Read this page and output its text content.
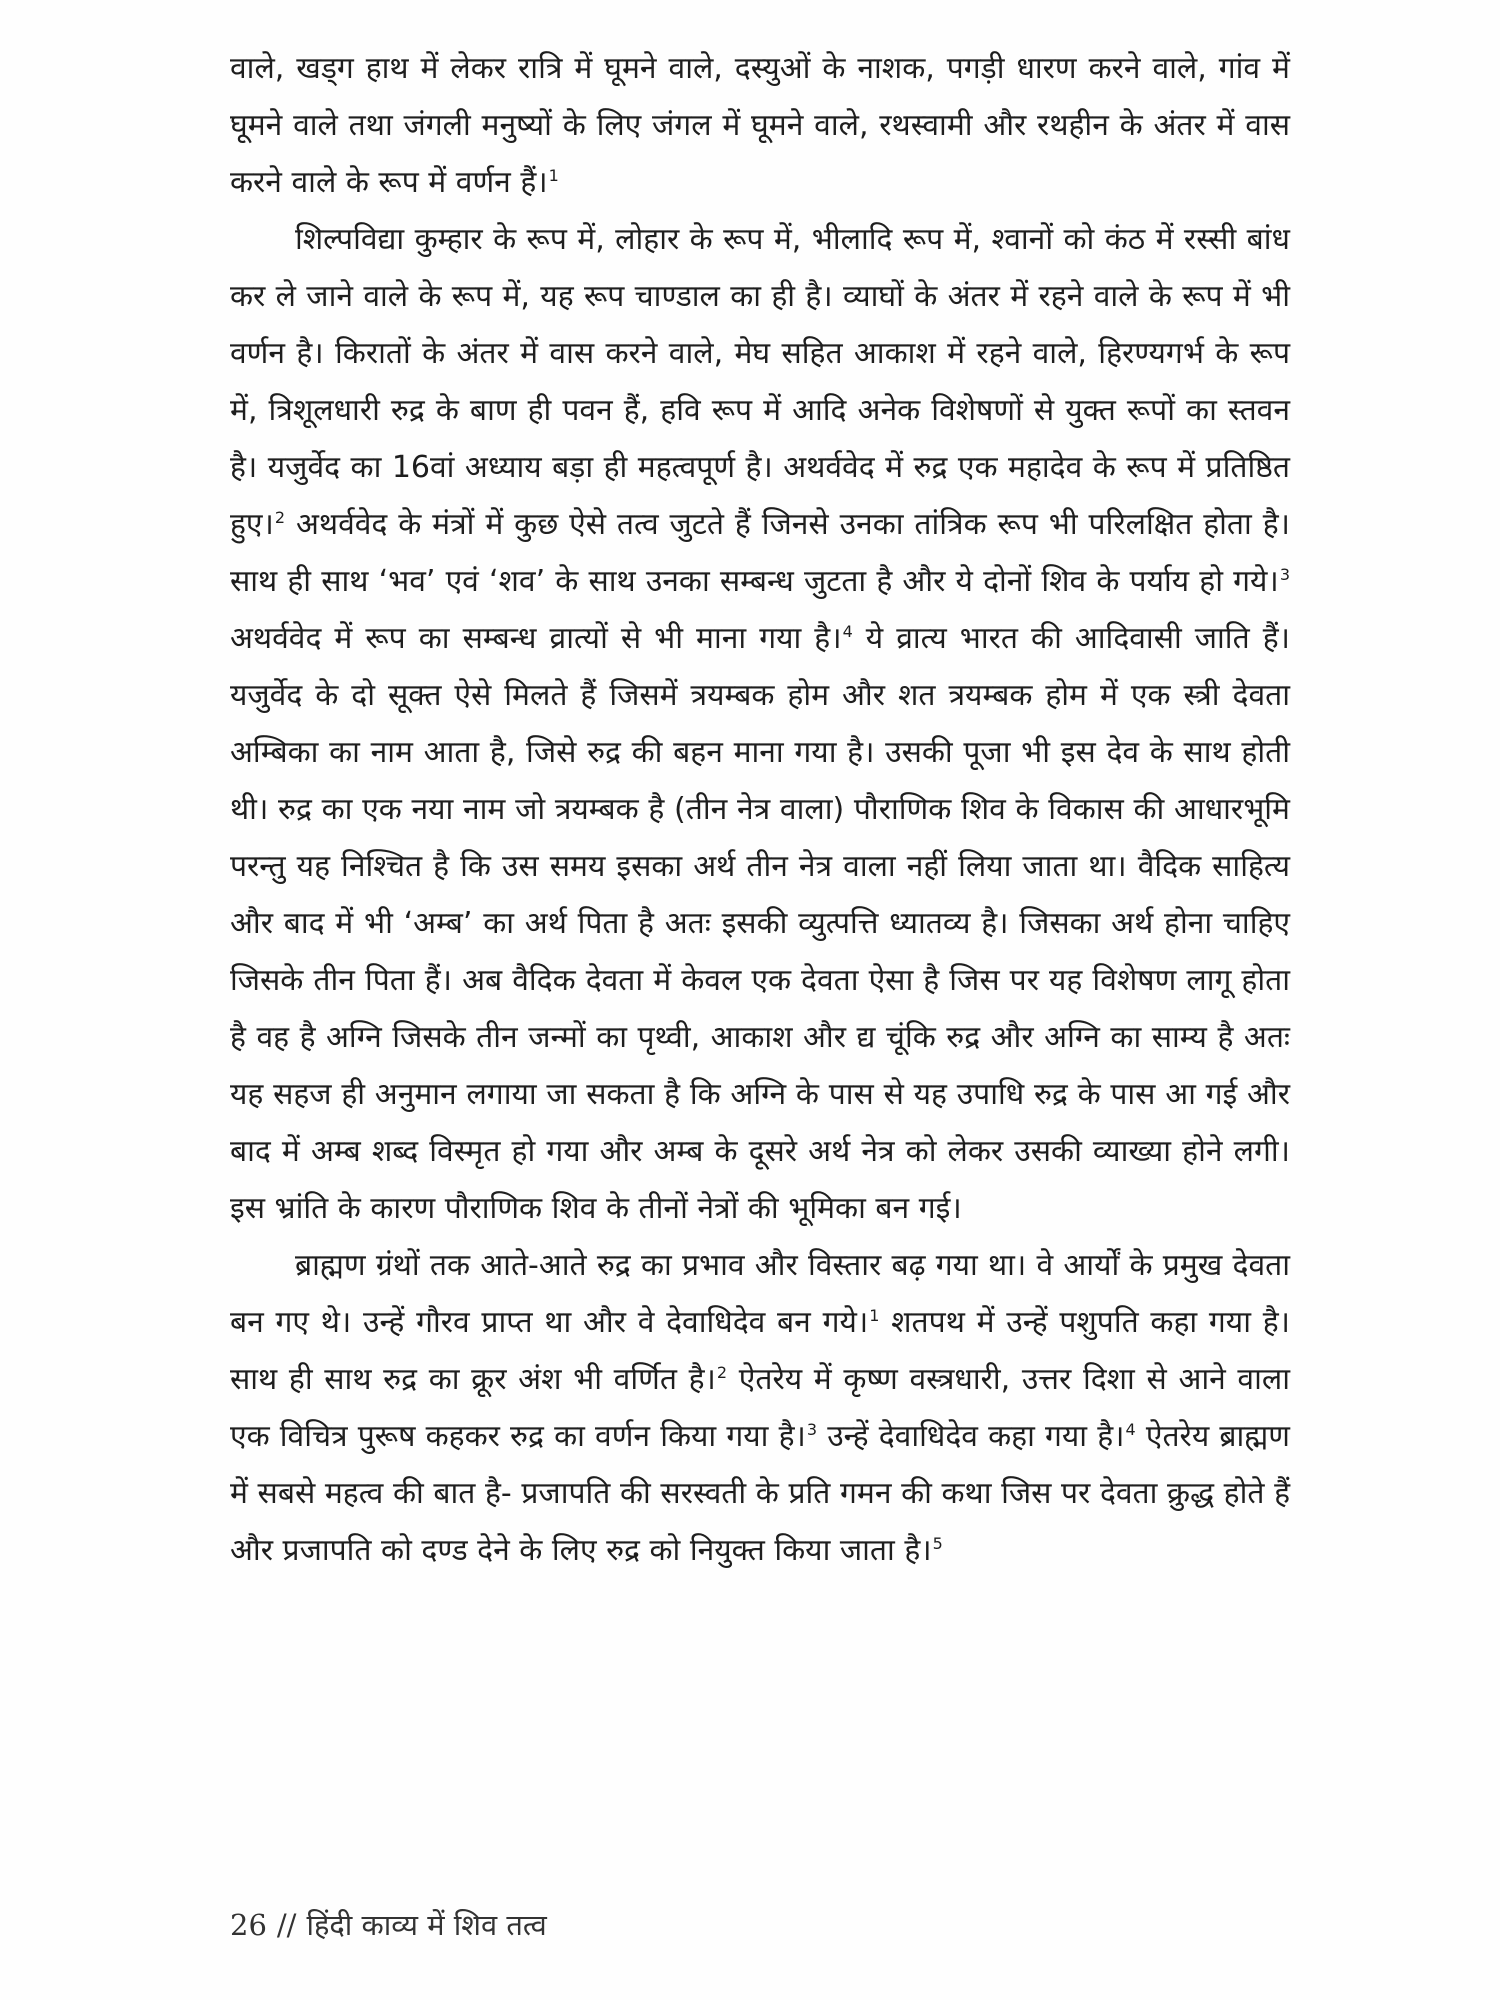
वाले, खड्ग हाथ में लेकर रात्रि में घूमने वाले, दस्युओं के नाशक, पगड़ी धारण करने वाले, गांव में घूमने वाले तथा जंगली मनुष्यों के लिए जंगल में घूमने वाले, रथस्वामी और रथहीन के अंतर में वास करने वाले के रूप में वर्णन हैं।$^1$

शिल्पविद्या कुम्हार के रूप में, लोहार के रूप में, भीलादि रूप में, श्वानों को कंठ में रस्सी बांध कर ले जाने वाले के रूप में, यह रूप चाण्डाल का ही है। व्याघों के अंतर में रहने वाले के रूप में भी वर्णन है। किरातों के अंतर में वास करने वाले, मेघ सहित आकाश में रहने वाले, हिरण्यगर्भ के रूप में, त्रिशूलधारी रुद्र के बाण ही पवन हैं, हवि रूप में आदि अनेक विशेषणों से युक्त रूपों का स्तवन है। यजुर्वेद का 16वां अध्याय बड़ा ही महत्वपूर्ण है। अथर्ववेद में रुद्र एक महादेव के रूप में प्रतिष्ठित हुए।$^2$ अथर्ववेद के मंत्रों में कुछ ऐसे तत्व जुटते हैं जिनसे उनका तांत्रिक रूप भी परिलक्षित होता है। साथ ही साथ ‘भव’ एवं ‘शव’ के साथ उनका सम्बन्ध जुटता है और ये दोनों शिव के पर्याय हो गये।$^3$ अथर्ववेद में रूप का सम्बन्ध व्रात्यों से भी माना गया है।$^4$ ये व्रात्य भारत की आदिवासी जाति हैं। यजुर्वेद के दो सूक्त ऐसे मिलते हैं जिसमें त्रयम्बक होम और शत त्रयम्बक होम में एक स्त्री देवता अम्बिका का नाम आता है, जिसे रुद्र की बहन माना गया है। उसकी पूजा भी इस देव के साथ होती थी। रुद्र का एक नया नाम जो त्रयम्बक है (तीन नेत्र वाला) पौराणिक शिव के विकास की आधारभूमि परन्तु यह निश्चित है कि उस समय इसका अर्थ तीन नेत्र वाला नहीं लिया जाता था। वैदिक साहित्य और बाद में भी ‘अम्ब’ का अर्थ पिता है अतः इसकी व्युत्पत्ति ध्यातव्य है। जिसका अर्थ होना चाहिए जिसके तीन पिता हैं। अब वैदिक देवता में केवल एक देवता ऐसा है जिस पर यह विशेषण लागू होता है वह है अग्नि जिसके तीन जन्मों का पृथ्वी, आकाश और द्य चूंकि रुद्र और अग्नि का साम्य है अतः यह सहज ही अनुमान लगाया जा सकता है कि अग्नि के पास से यह उपाधि रुद्र के पास आ गई और बाद में अम्ब शब्द विस्मृत हो गया और अम्ब के दूसरे अर्थ नेत्र को लेकर उसकी व्याख्या होने लगी। इस भ्रांति के कारण पौराणिक शिव के तीनों नेत्रों की भूमिका बन गई।

ब्राह्मण ग्रंथों तक आते-आते रुद्र का प्रभाव और विस्तार बढ़ गया था। वे आर्यों के प्रमुख देवता बन गए थे। उन्हें गौरव प्राप्त था और वे देवाधिदेव बन गये।$^1$ शतपथ में उन्हें पशुपति कहा गया है। साथ ही साथ रुद्र का क्रूर अंश भी वर्णित है।$^2$ ऐतरेय में कृष्ण वस्त्रधारी, उत्तर दिशा से आने वाला एक विचित्र पुरूष कहकर रुद्र का वर्णन किया गया है।$^3$ उन्हें देवाधिदेव कहा गया है।$^4$ ऐतरेय ब्राह्मण में सबसे महत्व की बात है- प्रजापति की सरस्वती के प्रति गमन की कथा जिस पर देवता क्रुद्ध होते हैं और प्रजापति को दण्ड देने के लिए रुद्र को नियुक्त किया जाता है।$^5$

26 // हिंदी काव्य में शिव तत्व
